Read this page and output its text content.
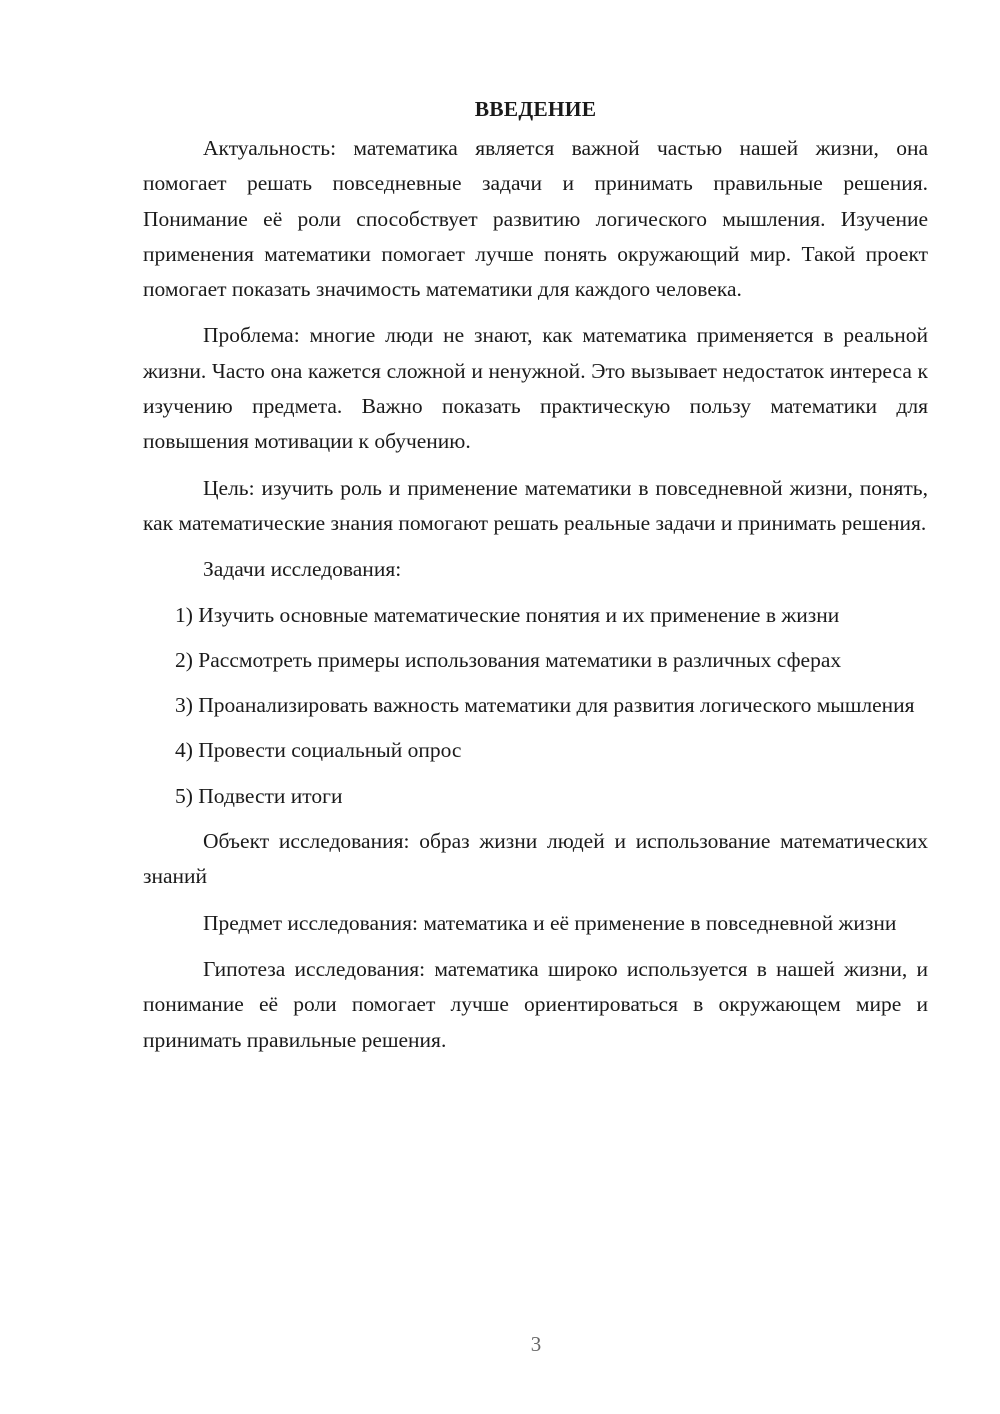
ВВЕДЕНИЕ

Актуальность: математика является важной частью нашей жизни, она помогает решать повседневные задачи и принимать правильные решения. Понимание её роли способствует развитию логического мышления. Изучение применения математики помогает лучше понять окружающий мир. Такой проект помогает показать значимость математики для каждого человека.

Проблема: многие люди не знают, как математика применяется в реальной жизни. Часто она кажется сложной и ненужной. Это вызывает недостаток интереса к изучению предмета. Важно показать практическую пользу математики для повышения мотивации к обучению.

Цель: изучить роль и применение математики в повседневной жизни, понять, как математические знания помогают решать реальные задачи и принимать решения.

Задачи исследования:

1) Изучить основные математические понятия и их применение в жизни

2) Рассмотреть примеры использования математики в различных сферах

3) Проанализировать важность математики для развития логического мышления

4) Провести социальный опрос

5) Подвести итоги

Объект исследования: образ жизни людей и использование математических знаний

Предмет исследования: математика и её применение в повседневной жизни

Гипотеза исследования: математика широко используется в нашей жизни, и понимание её роли помогает лучше ориентироваться в окружающем мире и принимать правильные решения.

3
